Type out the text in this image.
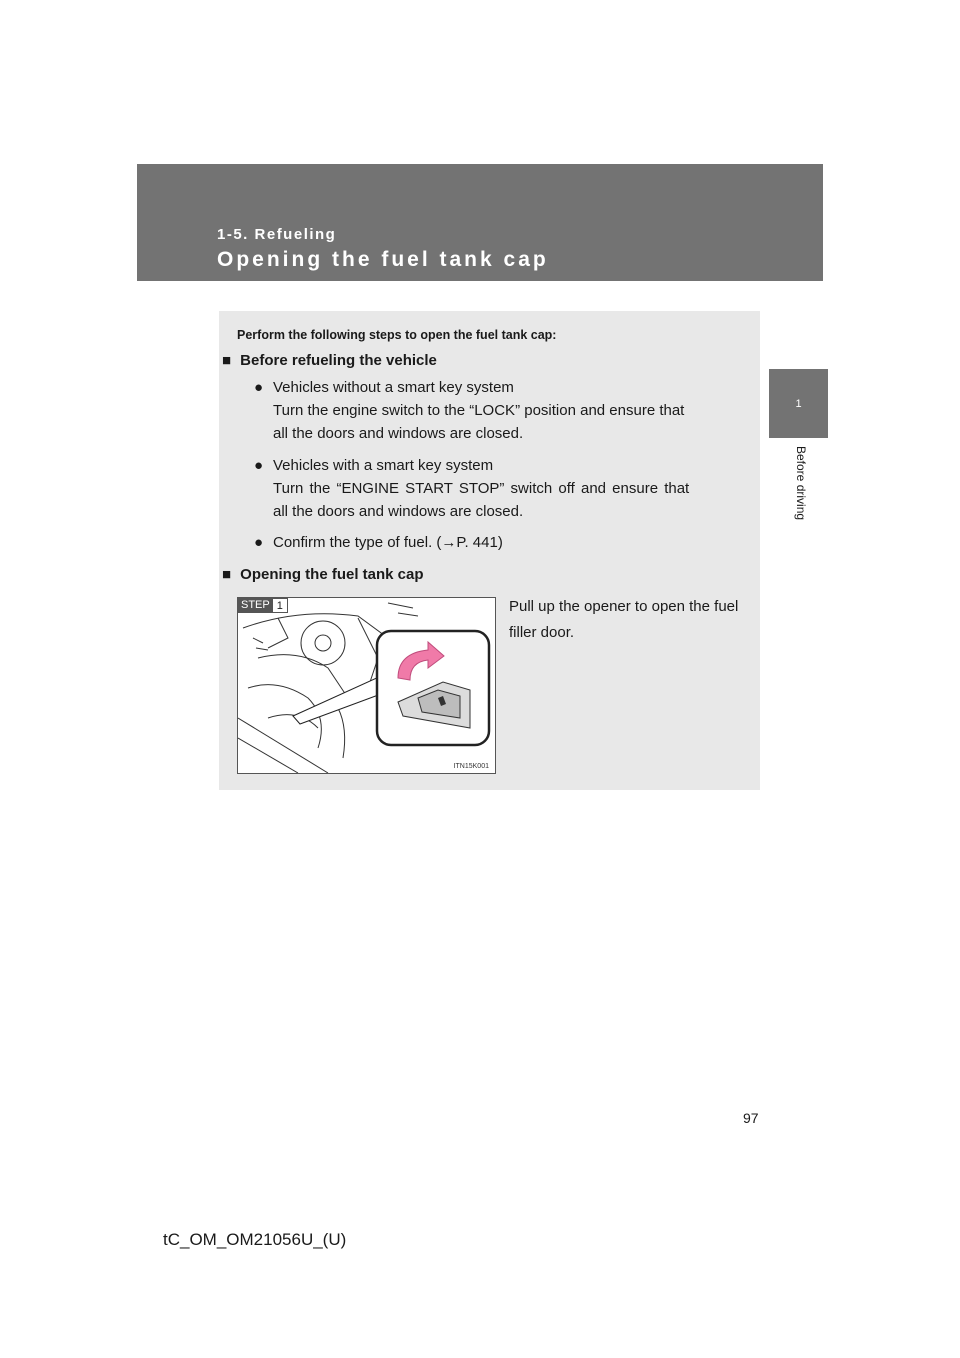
1-5. Refueling
Opening the fuel tank cap
1
Before driving
Perform the following steps to open the fuel tank cap:
■ Before refueling the vehicle
● Vehicles without a smart key system
Turn the engine switch to the “LOCK” position and ensure that
all the doors and windows are closed.
● Vehicles with a smart key system
Turn the “ENGINE START STOP” switch off and ensure that
all the doors and windows are closed.
● Confirm the type of fuel. (→P. 441)
■ Opening the fuel tank cap
STEP 1
ITN15K001
Pull up the opener to open the fuel filler door.
97
tC_OM_OM21056U_(U)
